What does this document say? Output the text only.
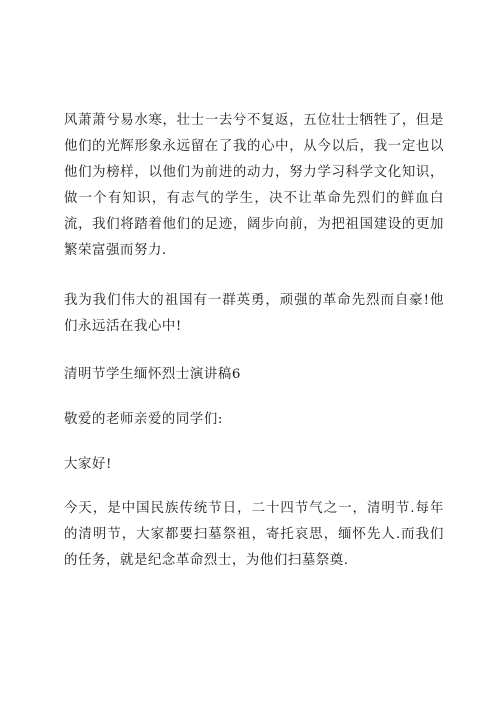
风萧萧兮易水寒，壮士一去兮不复返，五位壮士牺牲了，但是他们的光辉形象永远留在了我的心中，从今以后，我一定也以他们为榜样，以他们为前进的动力，努力学习科学文化知识，做一个有知识，有志气的学生，决不让革命先烈们的鲜血白流，我们将踏着他们的足迹，阔步向前，为把祖国建设的更加繁荣富强而努力.

我为我们伟大的祖国有一群英勇，顽强的革命先烈而自豪!他们永远活在我心中!

清明节学生缅怀烈士演讲稿6

敬爱的老师亲爱的同学们:

大家好!

今天，是中国民族传统节日，二十四节气之一，清明节.每年的清明节，大家都要扫墓祭祖，寄托哀思，缅怀先人.而我们的任务，就是纪念革命烈士，为他们扫墓祭奠.
